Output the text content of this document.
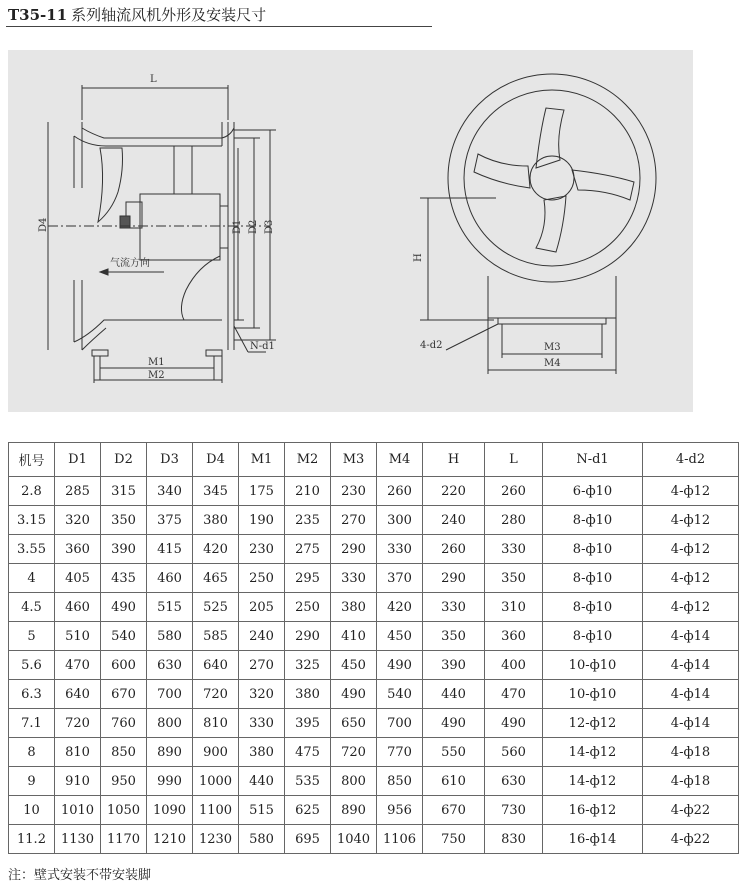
T35-11 系列轴流风机外形及安装尺寸
L
D4	D1 D2 D3
气流方向
N-d1
M1
M2
H
4-d2	M3
M4
机号	D1	D2	D3	D4	M1	M2	M3	M4	H	L	N-d1	4-d2
2.8	285	315	340	345	175	210	230	260	220	260	6-ф10	4-ф12
3.15	320	350	375	380	190	235	270	300	240	280	8-ф10	4-ф12
3.55	360	390	415	420	230	275	290	330	260	330	8-ф10	4-ф12
4	405	435	460	465	250	295	330	370	290	350	8-ф10	4-ф12
4.5	460	490	515	525	205	250	380	420	330	310	8-ф10	4-ф12
5	510	540	580	585	240	290	410	450	350	360	8-ф10	4-ф14
5.6	470	600	630	640	270	325	450	490	390	400	10-ф10	4-ф14
6.3	640	670	700	720	320	380	490	540	440	470	10-ф10	4-ф14
7.1	720	760	800	810	330	395	650	700	490	490	12-ф12	4-ф14
8	810	850	890	900	380	475	720	770	550	560	14-ф12	4-ф18
9	910	950	990	1000	440	535	800	850	610	630	14-ф12	4-ф18
10	1010	1050	1090	1100	515	625	890	956	670	730	16-ф12	4-ф22
11.2	1130	1170	1210	1230	580	695	1040	1106	750	830	16-ф14	4-ф22
注：壁式安装不带安装脚
